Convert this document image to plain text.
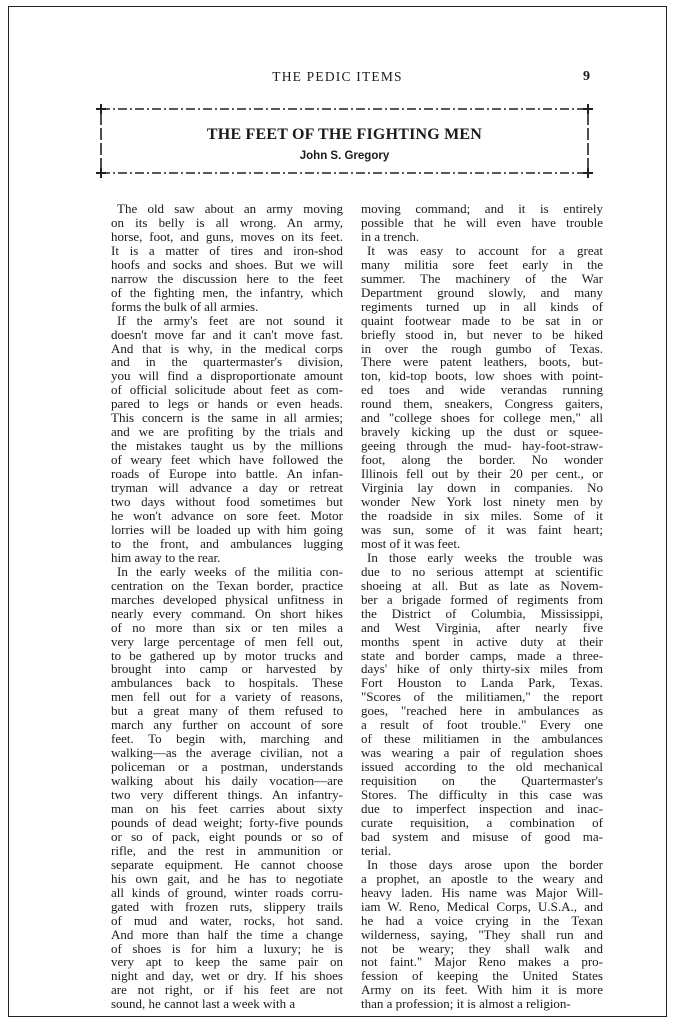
THE PEDIC ITEMS	9
THE FEET OF THE FIGHTING MEN
John S. Gregory

The old saw about an army moving
on its belly is all wrong. An army,
horse, foot, and guns, moves on its feet.
It is a matter of tires and iron-shod
hoofs and socks and shoes. But we will
narrow the discussion here to the feet
of the fighting men, the infantry, which
forms the bulk of all armies.

If the army's feet are not sound it
doesn't move far and it can't move fast.
And that is why, in the medical corps
and in the quartermaster's division,
you will find a disproportionate amount
of official solicitude about feet as com-
pared to legs or hands or even heads.
This concern is the same in all armies;
and we are profiting by the trials and
the mistakes taught us by the millions
of weary feet which have followed the
roads of Europe into battle. An infan-
tryman will advance a day or retreat
two days without food sometimes but
he won't advance on sore feet. Motor
lorries will be loaded up with him going
to the front, and ambulances lugging
him away to the rear.

In the early weeks of the militia con-
centration on the Texan border, practice
marches developed physical unfitness in
nearly every command. On short hikes
of no more than six or ten miles a
very large percentage of men fell out,
to be gathered up by motor trucks and
brought into camp or harvested by
ambulances back to hospitals. These
men fell out for a variety of reasons,
but a great many of them refused to
march any further on account of sore
feet. To begin with, marching and
walking—as the average civilian, not a
policeman or a postman, understands
walking about his daily vocation—are
two very different things. An infantry-
man on his feet carries about sixty
pounds of dead weight; forty-five pounds
or so of pack, eight pounds or so of
rifle, and the rest in ammunition or
separate equipment. He cannot choose
his own gait, and he has to negotiate
all kinds of ground, winter roads corru-
gated with frozen ruts, slippery trails
of mud and water, rocks, hot sand.
And more than half the time a change
of shoes is for him a luxury; he is
very apt to keep the same pair on
night and day, wet or dry. If his shoes
are not right, or if his feet are not
sound, he cannot last a week with a

moving command; and it is entirely
possible that he will even have trouble
in a trench.

It was easy to account for a great
many militia sore feet early in the
summer. The machinery of the War
Department ground slowly, and many
regiments turned up in all kinds of
quaint footwear made to be sat in or
briefly stood in, but never to be hiked
in over the rough gumbo of Texas.
There were patent leathers, boots, but-
ton, kid-top boots, low shoes with point-
ed toes and wide verandas running
round them, sneakers, Congress gaiters,
and "college shoes for college men," all
bravely kicking up the dust or squee-
geeing through the mud- hay-foot-straw-
foot, along the border. No wonder
Illinois fell out by their 20 per cent., or
Virginia lay down in companies. No
wonder New York lost ninety men by
the roadside in six miles. Some of it
was sun, some of it was faint heart;
most of it was feet.

In those early weeks the trouble was
due to no serious attempt at scientific
shoeing at all. But as late as Novem-
ber a brigade formed of regiments from
the District of Columbia, Mississippi,
and West Virginia, after nearly five
months spent in active duty at their
state and border camps, made a three-
days' hike of only thirty-six miles from
Fort Houston to Landa Park, Texas.
"Scores of the militiamen," the report
goes, "reached here in ambulances as
a result of foot trouble." Every one
of these militiamen in the ambulances
was wearing a pair of regulation shoes
issued according to the old mechanical
requisition on the Quartermaster's
Stores. The difficulty in this case was
due to imperfect inspection and inac-
curate requisition, a combination of
bad system and misuse of good ma-
terial.

In those days arose upon the border
a prophet, an apostle to the weary and
heavy laden. His name was Major Will-
iam W. Reno, Medical Corps, U.S.A., and
he had a voice crying in the Texan
wilderness, saying, "They shall run and
not be weary; they shall walk and
not faint." Major Reno makes a pro-
fession of keeping the United States
Army on its feet. With him it is more
than a profession; it is almost a religion-
